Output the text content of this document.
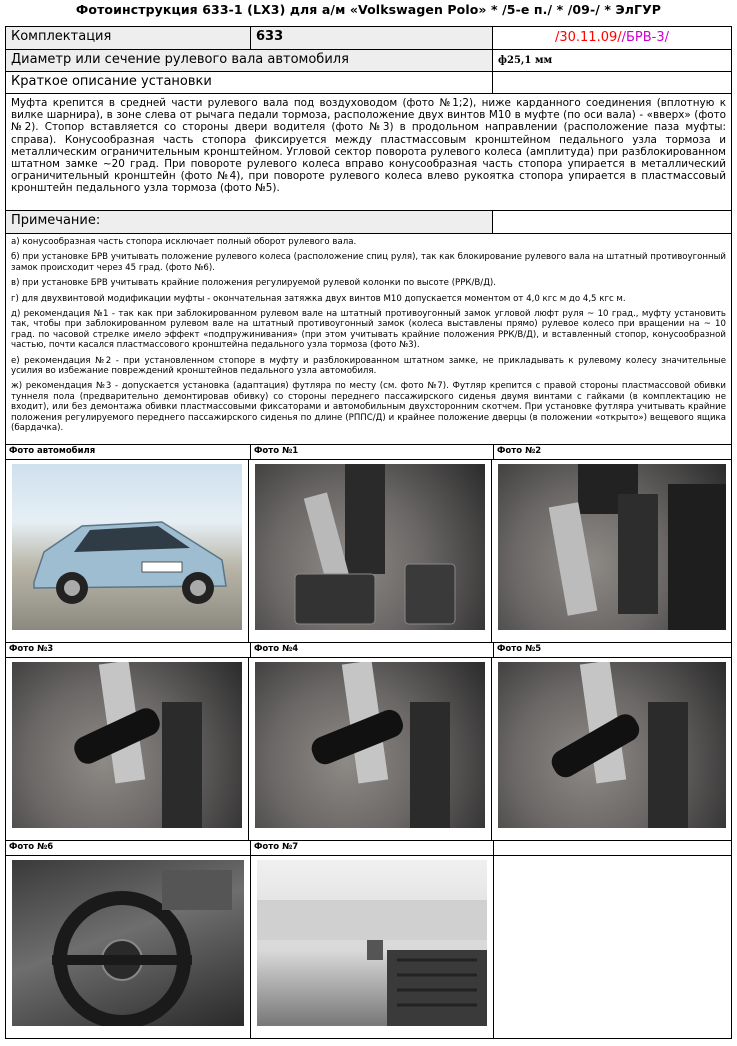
Фотоинструкция 633-1 (LX3) для а/м «Volkswagen Polo» * /5-е п./ * /09-/ * ЭлГУР
Комплектация	633	/30.11.09//БРВ-3/
Диаметр или сечение рулевого вала автомобиля	ф25,1 мм
Краткое описание установки
Муфта крепится в средней части рулевого вала под воздуховодом (фото №1;2), ниже карданного соединения (вплотную к вилке шарнира), в зоне слева от рычага педали тормоза, расположение двух винтов М10 в муфте (по оси вала) - «вверх» (фото №2). Стопор вставляется со стороны двери водителя (фото №3) в продольном направлении (расположение паза муфты: справа). Конусообразная часть стопора фиксируется между пластмассовым кронштейном педального узла тормоза и металлическим ограничительным кронштейном. Угловой сектор поворота рулевого колеса (амплитуда) при разблокированном штатном замке ~20 град. При повороте рулевого колеса вправо конусообразная часть стопора упирается в металлический ограничительный кронштейн (фото №4), при повороте рулевого колеса влево рукоятка стопора упирается в пластмассовый кронштейн педального узла тормоза (фото №5).
Примечание:

а) конусообразная часть стопора исключает полный оборот рулевого вала.

б) при установке БРВ учитывать положение рулевого колеса (расположение спиц руля), так как блокирование рулевого вала на штатный противоугонный замок происходит через 45 град. (фото №6).

в) при установке БРВ учитывать крайние положения регулируемой рулевой колонки по высоте (РРК/В/Д).

г) для двухвинтовой модификации муфты - окончательная затяжка двух винтов М10 допускается моментом от 4,0 кгс м до 4,5 кгс м.

д) рекомендация №1 - так как при заблокированном рулевом вале на штатный противоугонный замок угловой люфт руля ~ 10 град., муфту установить так, чтобы при заблокированном рулевом вале на штатный противоугонный замок (колеса выставлены прямо) рулевое колесо при вращении на ~ 10 град. по часовой стрелке имело эффект «подпружинивания» (при этом учитывать крайние положения РРК/В/Д), и вставленный стопор, конусообразной частью, почти касался пластмассового кронштейна педального узла тормоза (фото №3).

е) рекомендация №2 - при установленном стопоре в муфту и разблокированном штатном замке, не прикладывать к рулевому колесу значительные усилия во избежание повреждений кронштейнов педального узла автомобиля.

ж) рекомендация №3 - допускается установка (адаптация) футляра по месту (см. фото №7). Футляр крепится с правой стороны пластмассовой обивки туннеля пола (предварительно демонтировав обивку) со стороны переднего пассажирского сиденья двумя винтами с гайками (в комплектацию не входит), или без демонтажа обивки пластмассовыми фиксаторами и автомобильным двухсторонним скотчем. При установке футляра учитывать крайние положения регулируемого переднего пассажирского сиденья по длине (РППС/Д) и крайнее положение дверцы (в положении «открыто») вещевого ящика (бардачка).

Фото автомобиля	Фото №1	Фото №2
Фото №3	Фото №4	Фото №5
Фото №6	Фото №7
